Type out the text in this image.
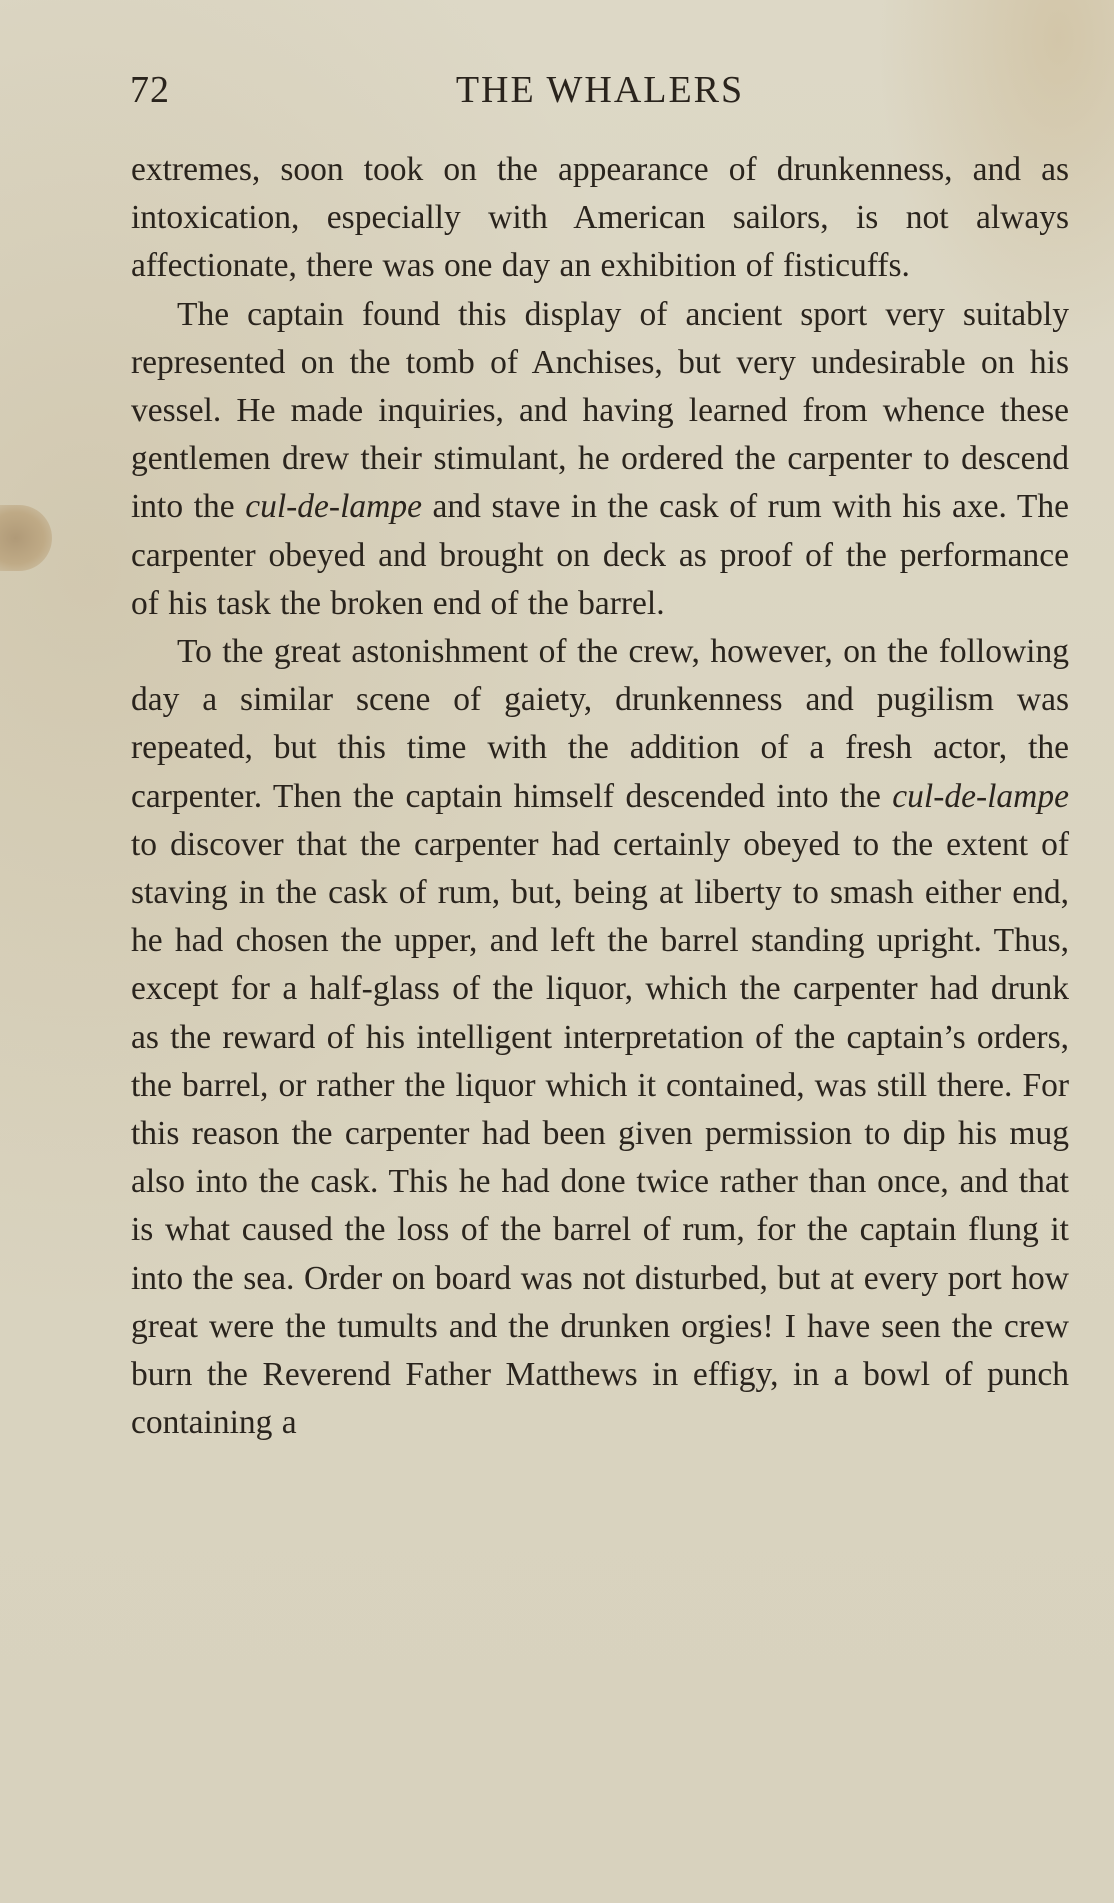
72	THE WHALERS

extremes, soon took on the appearance of drunkenness, and as intoxication, especially with American sailors, is not always affectionate, there was one day an exhibition of fisticuffs.

The captain found this display of ancient sport very suitably represented on the tomb of Anchises, but very undesirable on his vessel. He made inquiries, and having learned from whence these gentlemen drew their stimulant, he ordered the carpenter to descend into the cul-de-lampe and stave in the cask of rum with his axe. The carpenter obeyed and brought on deck as proof of the performance of his task the broken end of the barrel.

To the great astonishment of the crew, however, on the following day a similar scene of gaiety, drunkenness and pugilism was repeated, but this time with the addition of a fresh actor, the carpenter. Then the captain himself descended into the cul-de-lampe to discover that the carpenter had certainly obeyed to the extent of staving in the cask of rum, but, being at liberty to smash either end, he had chosen the upper, and left the barrel standing upright. Thus, except for a half-glass of the liquor, which the carpenter had drunk as the reward of his intelligent interpretation of the captain’s orders, the barrel, or rather the liquor which it contained, was still there. For this reason the carpenter had been given permission to dip his mug also into the cask. This he had done twice rather than once, and that is what caused the loss of the barrel of rum, for the captain flung it into the sea. Order on board was not disturbed, but at every port how great were the tumults and the drunken orgies! I have seen the crew burn the Reverend Father Matthews in effigy, in a bowl of punch containing a
